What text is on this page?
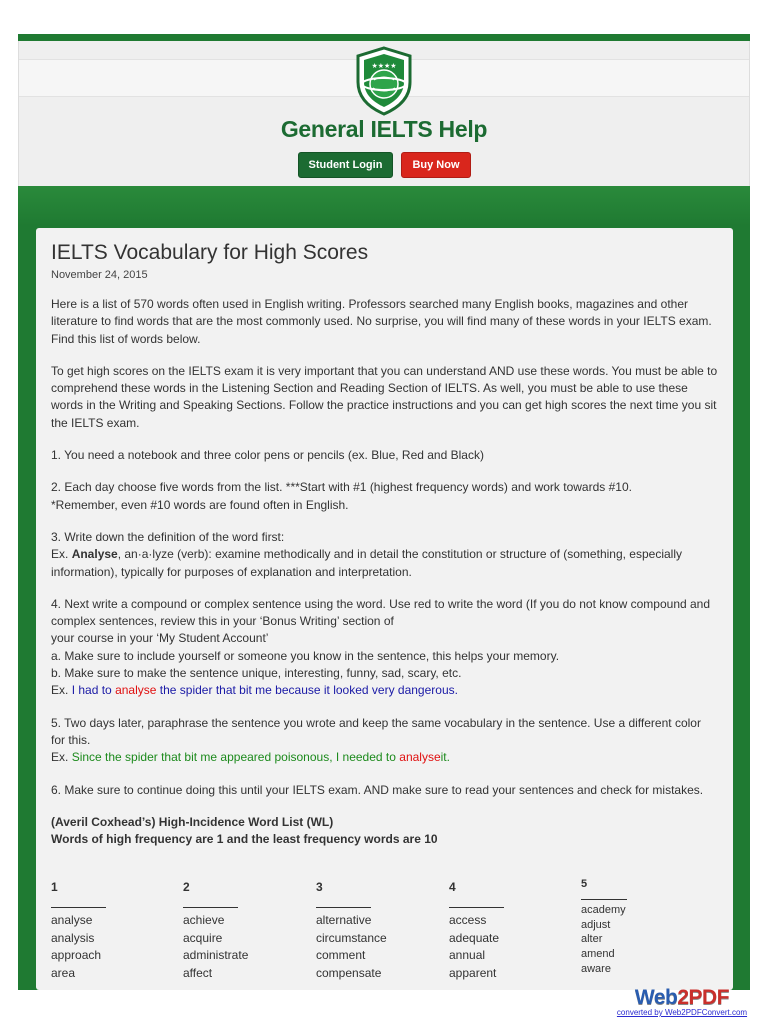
★★★★
General IELTS Help
Student Login	Buy Now
IELTS Vocabulary for High Scores
November 24, 2015

Here is a list of 570 words often used in English writing. Professors searched many English books, magazines and other literature to find words that are the most commonly used. No surprise, you will find many of these words in your IELTS exam. Find this list of words below.

To get high scores on the IELTS exam it is very important that you can understand AND use these words. You must be able to comprehend these words in the Listening Section and Reading Section of IELTS. As well, you must be able to use these words in the Writing and Speaking Sections. Follow the practice instructions and you can get high scores the next time you sit the IELTS exam.

1. You need a notebook and three color pens or pencils (ex. Blue, Red and Black)

2. Each day choose five words from the list. ***Start with #1 (highest frequency words) and work towards #10.
*Remember, even #10 words are found often in English.

3. Write down the definition of the word first:
Ex. Analyse, an·a·lyze (verb): examine methodically and in detail the constitution or structure of (something, especially information), typically for purposes of explanation and interpretation.

4. Next write a compound or complex sentence using the word. Use red to write the word (If you do not know compound and complex sentences, review this in your ‘Bonus Writing’ section of
your course in your ‘My Student Account’
a. Make sure to include yourself or someone you know in the sentence, this helps your memory.
b. Make sure to make the sentence unique, interesting, funny, sad, scary, etc.
Ex. I had to analyse the spider that bit me because it looked very dangerous.

5. Two days later, paraphrase the sentence you wrote and keep the same vocabulary in the sentence. Use a different color for this.
Ex. Since the spider that bit me appeared poisonous, I needed to analyseit.

6. Make sure to continue doing this until your IELTS exam. AND make sure to read your sentences and check for mistakes.

(Averil Coxhead’s) High-Incidence Word List (WL)
Words of high frequency are 1 and the least frequency words are 10

1
analyse
analysis
approach
area
2
achieve
acquire
administrate
affect
3
alternative
circumstance
comment
compensate
4
access
adequate
annual
apparent
5
academy
adjust
alter
amend
aware
Web2PDF
converted by Web2PDFConvert.com
